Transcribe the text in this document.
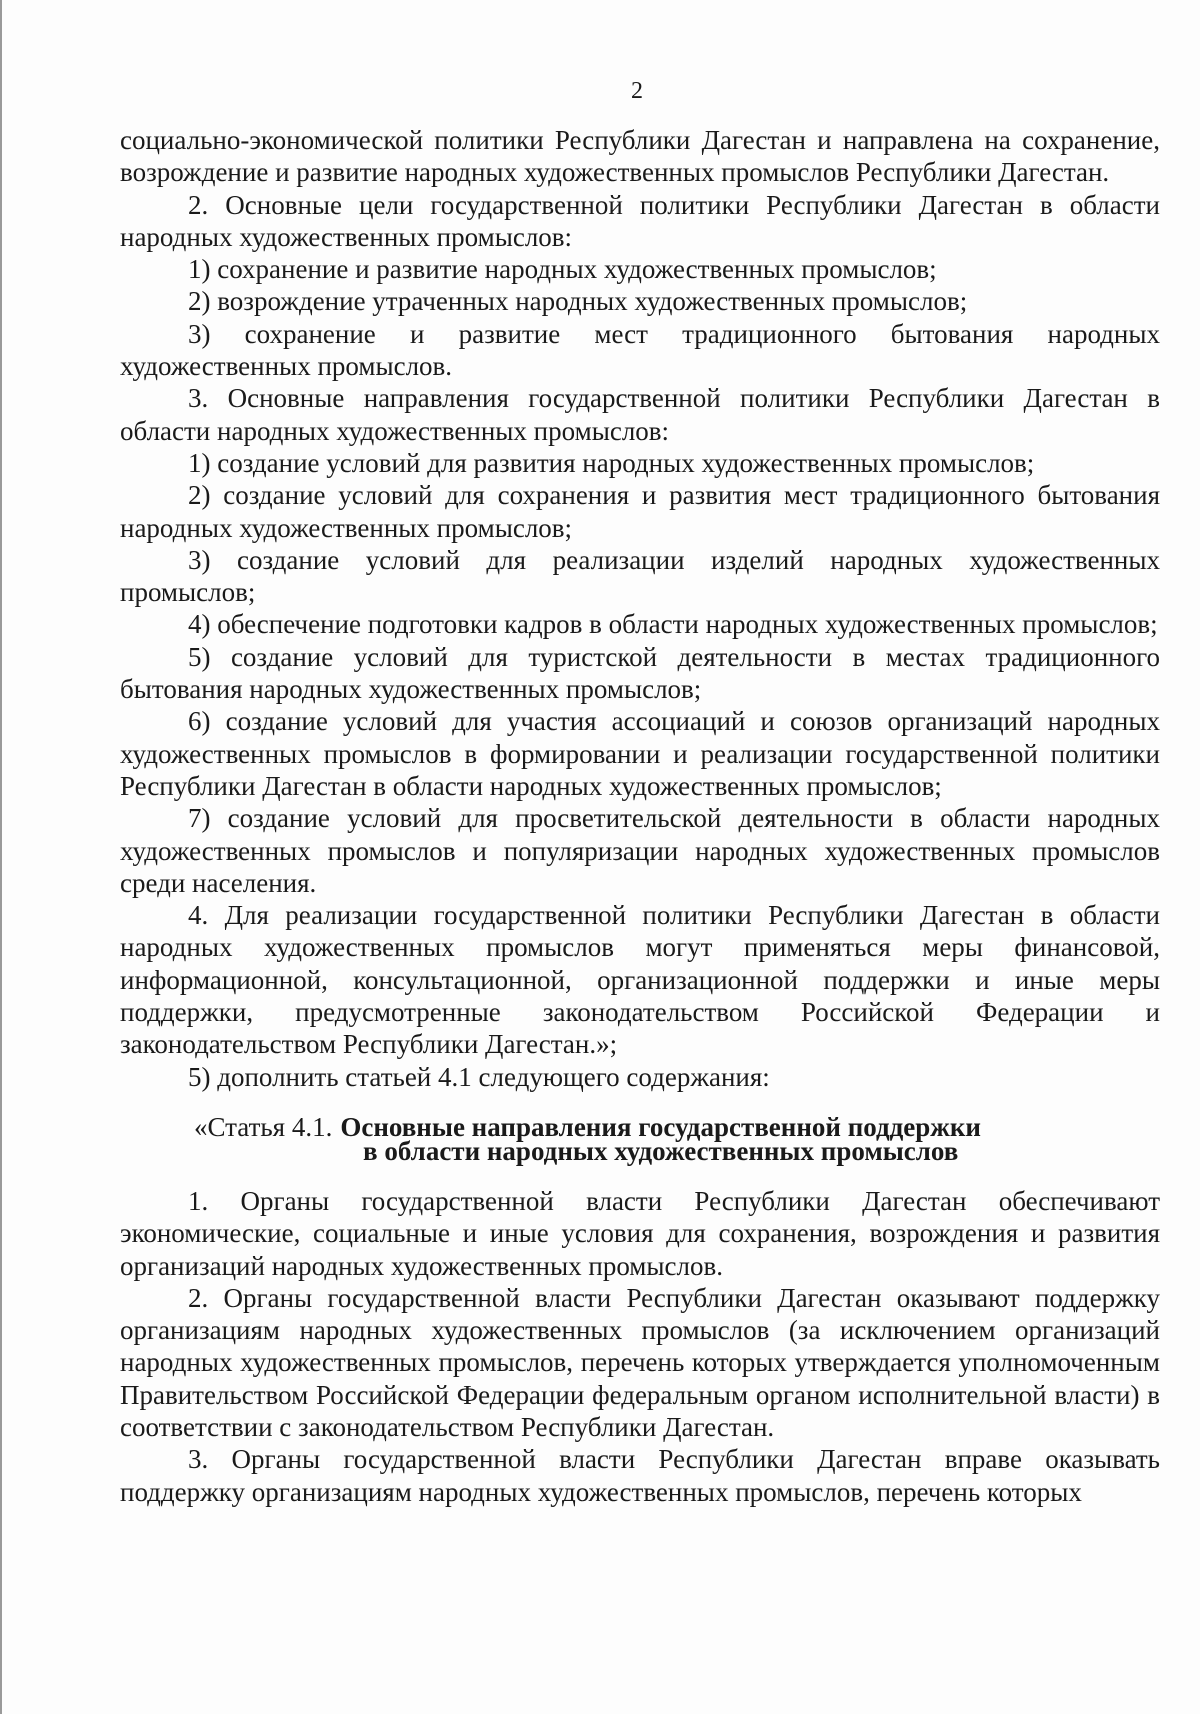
2

социально-экономической политики Республики Дагестан и направлена на сохранение, возрождение и развитие народных художественных промыслов Республики Дагестан.

2. Основные цели государственной политики Республики Дагестан в области народных художественных промыслов:

1) сохранение и развитие народных художественных промыслов;

2) возрождение утраченных народных художественных промыслов;

3) сохранение и развитие мест традиционного бытования народных художественных промыслов.

3. Основные направления государственной политики Республики Дагестан в области народных художественных промыслов:

1) создание условий для развития народных художественных промыслов;

2) создание условий для сохранения и развития мест традиционного бытования народных художественных промыслов;

3) создание условий для реализации изделий народных художественных промыслов;

4) обеспечение подготовки кадров в области народных художественных промыслов;

5) создание условий для туристской деятельности в местах традиционного бытования народных художественных промыслов;

6) создание условий для участия ассоциаций и союзов организаций народных художественных промыслов в формировании и реализации государственной политики Республики Дагестан в области народных художественных промыслов;

7) создание условий для просветительской деятельности в области народных художественных промыслов и популяризации народных художественных промыслов среди населения.

4. Для реализации государственной политики Республики Дагестан в области народных художественных промыслов могут применяться меры финансовой, информационной, консультационной, организационной поддержки и иные меры поддержки, предусмотренные законодательством Российской Федерации и законодательством Республики Дагестан.»;

5) дополнить статьей 4.1 следующего содержания:

«Статья 4.1. Основные направления государственной поддержки
в области народных художественных промыслов

1. Органы государственной власти Республики Дагестан обеспечивают экономические, социальные и иные условия для сохранения, возрождения и развития организаций народных художественных промыслов.

2. Органы государственной власти Республики Дагестан оказывают поддержку организациям народных художественных промыслов (за исключением организаций народных художественных промыслов, перечень которых утверждается уполномоченным Правительством Российской Федерации федеральным органом исполнительной власти) в соответствии с законодательством Республики Дагестан.

3. Органы государственной власти Республики Дагестан вправе оказывать поддержку организациям народных художественных промыслов, перечень которых
